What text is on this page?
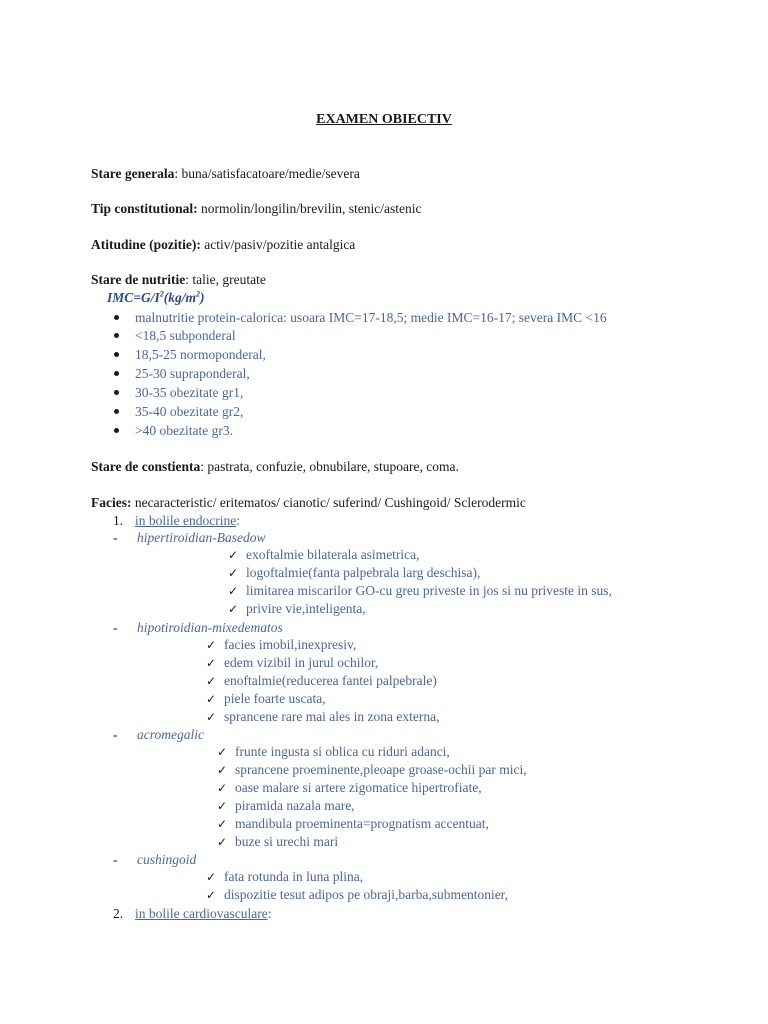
EXAMEN OBIECTIV
Stare generala: buna/satisfacatoare/medie/severa
Tip constitutional: normolin/longilin/brevilin, stenic/astenic
Atitudine (pozitie): activ/pasiv/pozitie antalgica
Stare de nutritie: talie, greutate
$IMC=G/I^2(kg/m^2)$
malnutritie protein-calorica: usoara IMC=17-18,5; medie IMC=16-17; severa IMC <16
<18,5 subponderal
18,5-25 normoponderal,
25-30 supraponderal,
30-35 obezitate gr1,
35-40 obezitate gr2,
>40 obezitate gr3.
Stare de constienta: pastrata, confuzie, obnubilare, stupoare, coma.
Facies: necaracteristic/ eritematos/ cianotic/ suferind/ Cushingoid/ Sclerodermic
1. in bolile endocrine:
- hipertiroidian-Basedow
✓ exoftalmie bilaterala asimetrica,
✓ logoftalmie(fanta palpebrala larg deschisa),
✓ limitarea miscarilor GO-cu greu priveste in jos si nu priveste in sus,
✓ privire vie,inteligenta,
- hipotiroidian-mixedematos
✓ facies imobil,inexpresiv,
✓ edem vizibil in jurul ochilor,
✓ enoftalmie(reducerea fantei palpebrale)
✓ piele foarte uscata,
✓ sprancene rare mai ales in zona externa,
- acromegalic
✓ frunte ingusta si oblica cu riduri adanci,
✓ sprancene proeminente,pleoape groase-ochii par mici,
✓ oase malare si artere zigomatice hipertrofiate,
✓ piramida nazala mare,
✓ mandibula proeminenta=prognatism accentuat,
✓ buze si urechi mari
- cushingoid
✓ fata rotunda in luna plina,
✓ dispozitie tesut adipos pe obraji,barba,submentonier,
2. in bolile cardiovasculare:
